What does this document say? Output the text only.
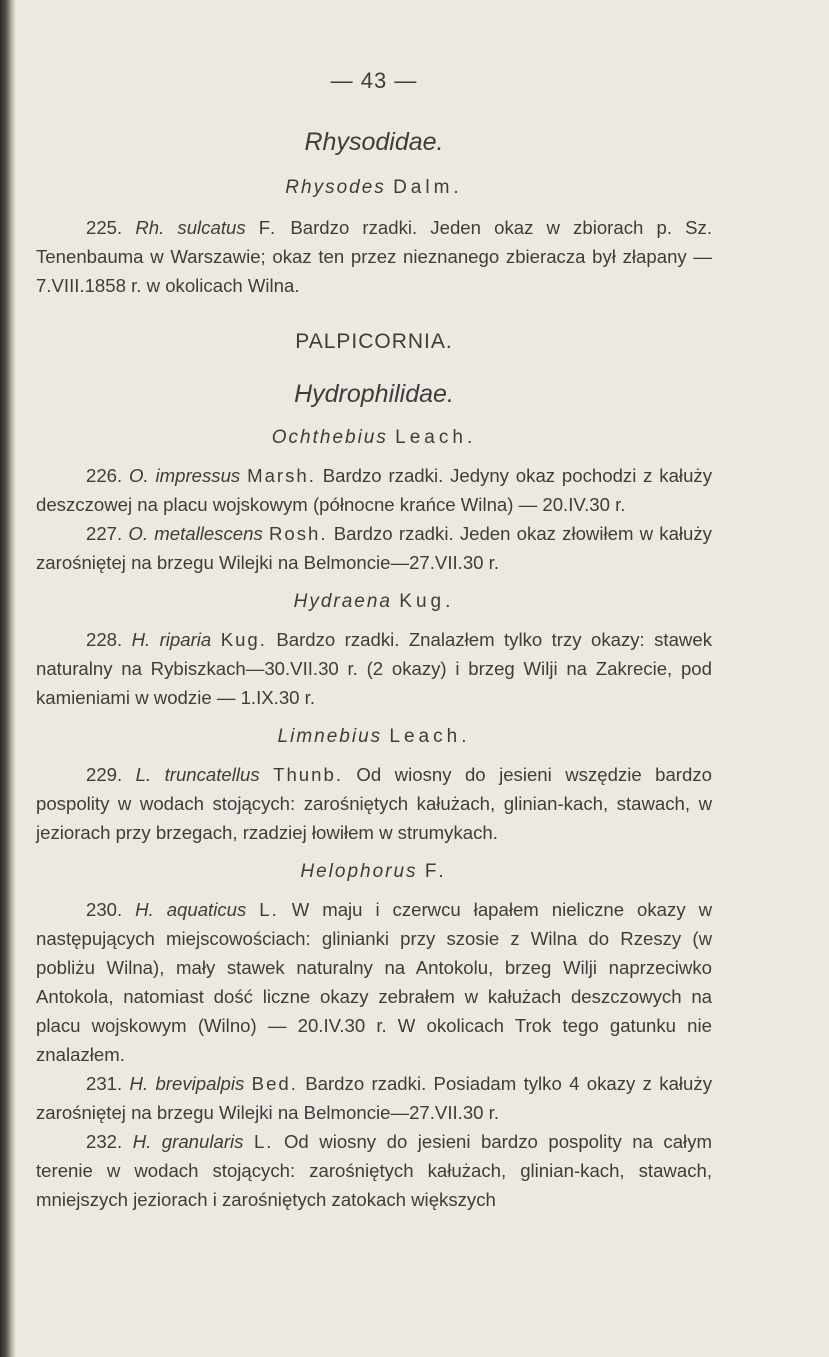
— 43 —

Rhysodidae.

Rhysodes Dalm.

225. Rh. sulcatus F. Bardzo rzadki. Jeden okaz w zbiorach p. Sz. Tenenbauma w Warszawie; okaz ten przez nieznanego zbieracza był złapany — 7.VIII.1858 r. w okolicach Wilna.

PALPICORNIA.

Hydrophilidae.

Ochthebius Leach.

226. O. impressus Marsh. Bardzo rzadki. Jedyny okaz pochodzi z kałuży deszczowej na placu wojskowym (północne krańce Wilna) — 20.IV.30 r.

227. O. metallescens Rosh. Bardzo rzadki. Jeden okaz złowiłem w kałuży zarośniętej na brzegu Wilejki na Belmoncie—27.VII.30 r.

Hydraena Kug.

228. H. riparia Kug. Bardzo rzadki. Znalazłem tylko trzy okazy: stawek naturalny na Rybiszkach—30.VII.30 r. (2 okazy) i brzeg Wilji na Zakrecie, pod kamieniami w wodzie — 1.IX.30 r.

Limnebius Leach.

229. L. truncatellus Thunb. Od wiosny do jesieni wszędzie bardzo pospolity w wodach stojących: zarośniętych kałużach, glinian-kach, stawach, w jeziorach przy brzegach, rzadziej łowiłem w strumykach.

Helophorus F.

230. H. aquaticus L. W maju i czerwcu łapałem nieliczne okazy w następujących miejscowościach: glinianki przy szosie z Wilna do Rzeszy (w pobliżu Wilna), mały stawek naturalny na Antokolu, brzeg Wilji naprzeciwko Antokola, natomiast dość liczne okazy zebrałem w kałużach deszczowych na placu wojskowym (Wilno) — 20.IV.30 r. W okolicach Trok tego gatunku nie znalazłem.

231. H. brevipalpis Bed. Bardzo rzadki. Posiadam tylko 4 okazy z kałuży zarośniętej na brzegu Wilejki na Belmoncie—27.VII.30 r.

232. H. granularis L. Od wiosny do jesieni bardzo pospolity na całym terenie w wodach stojących: zarośniętych kałużach, glinian-kach, stawach, mniejszych jeziorach i zarośniętych zatokach większych
